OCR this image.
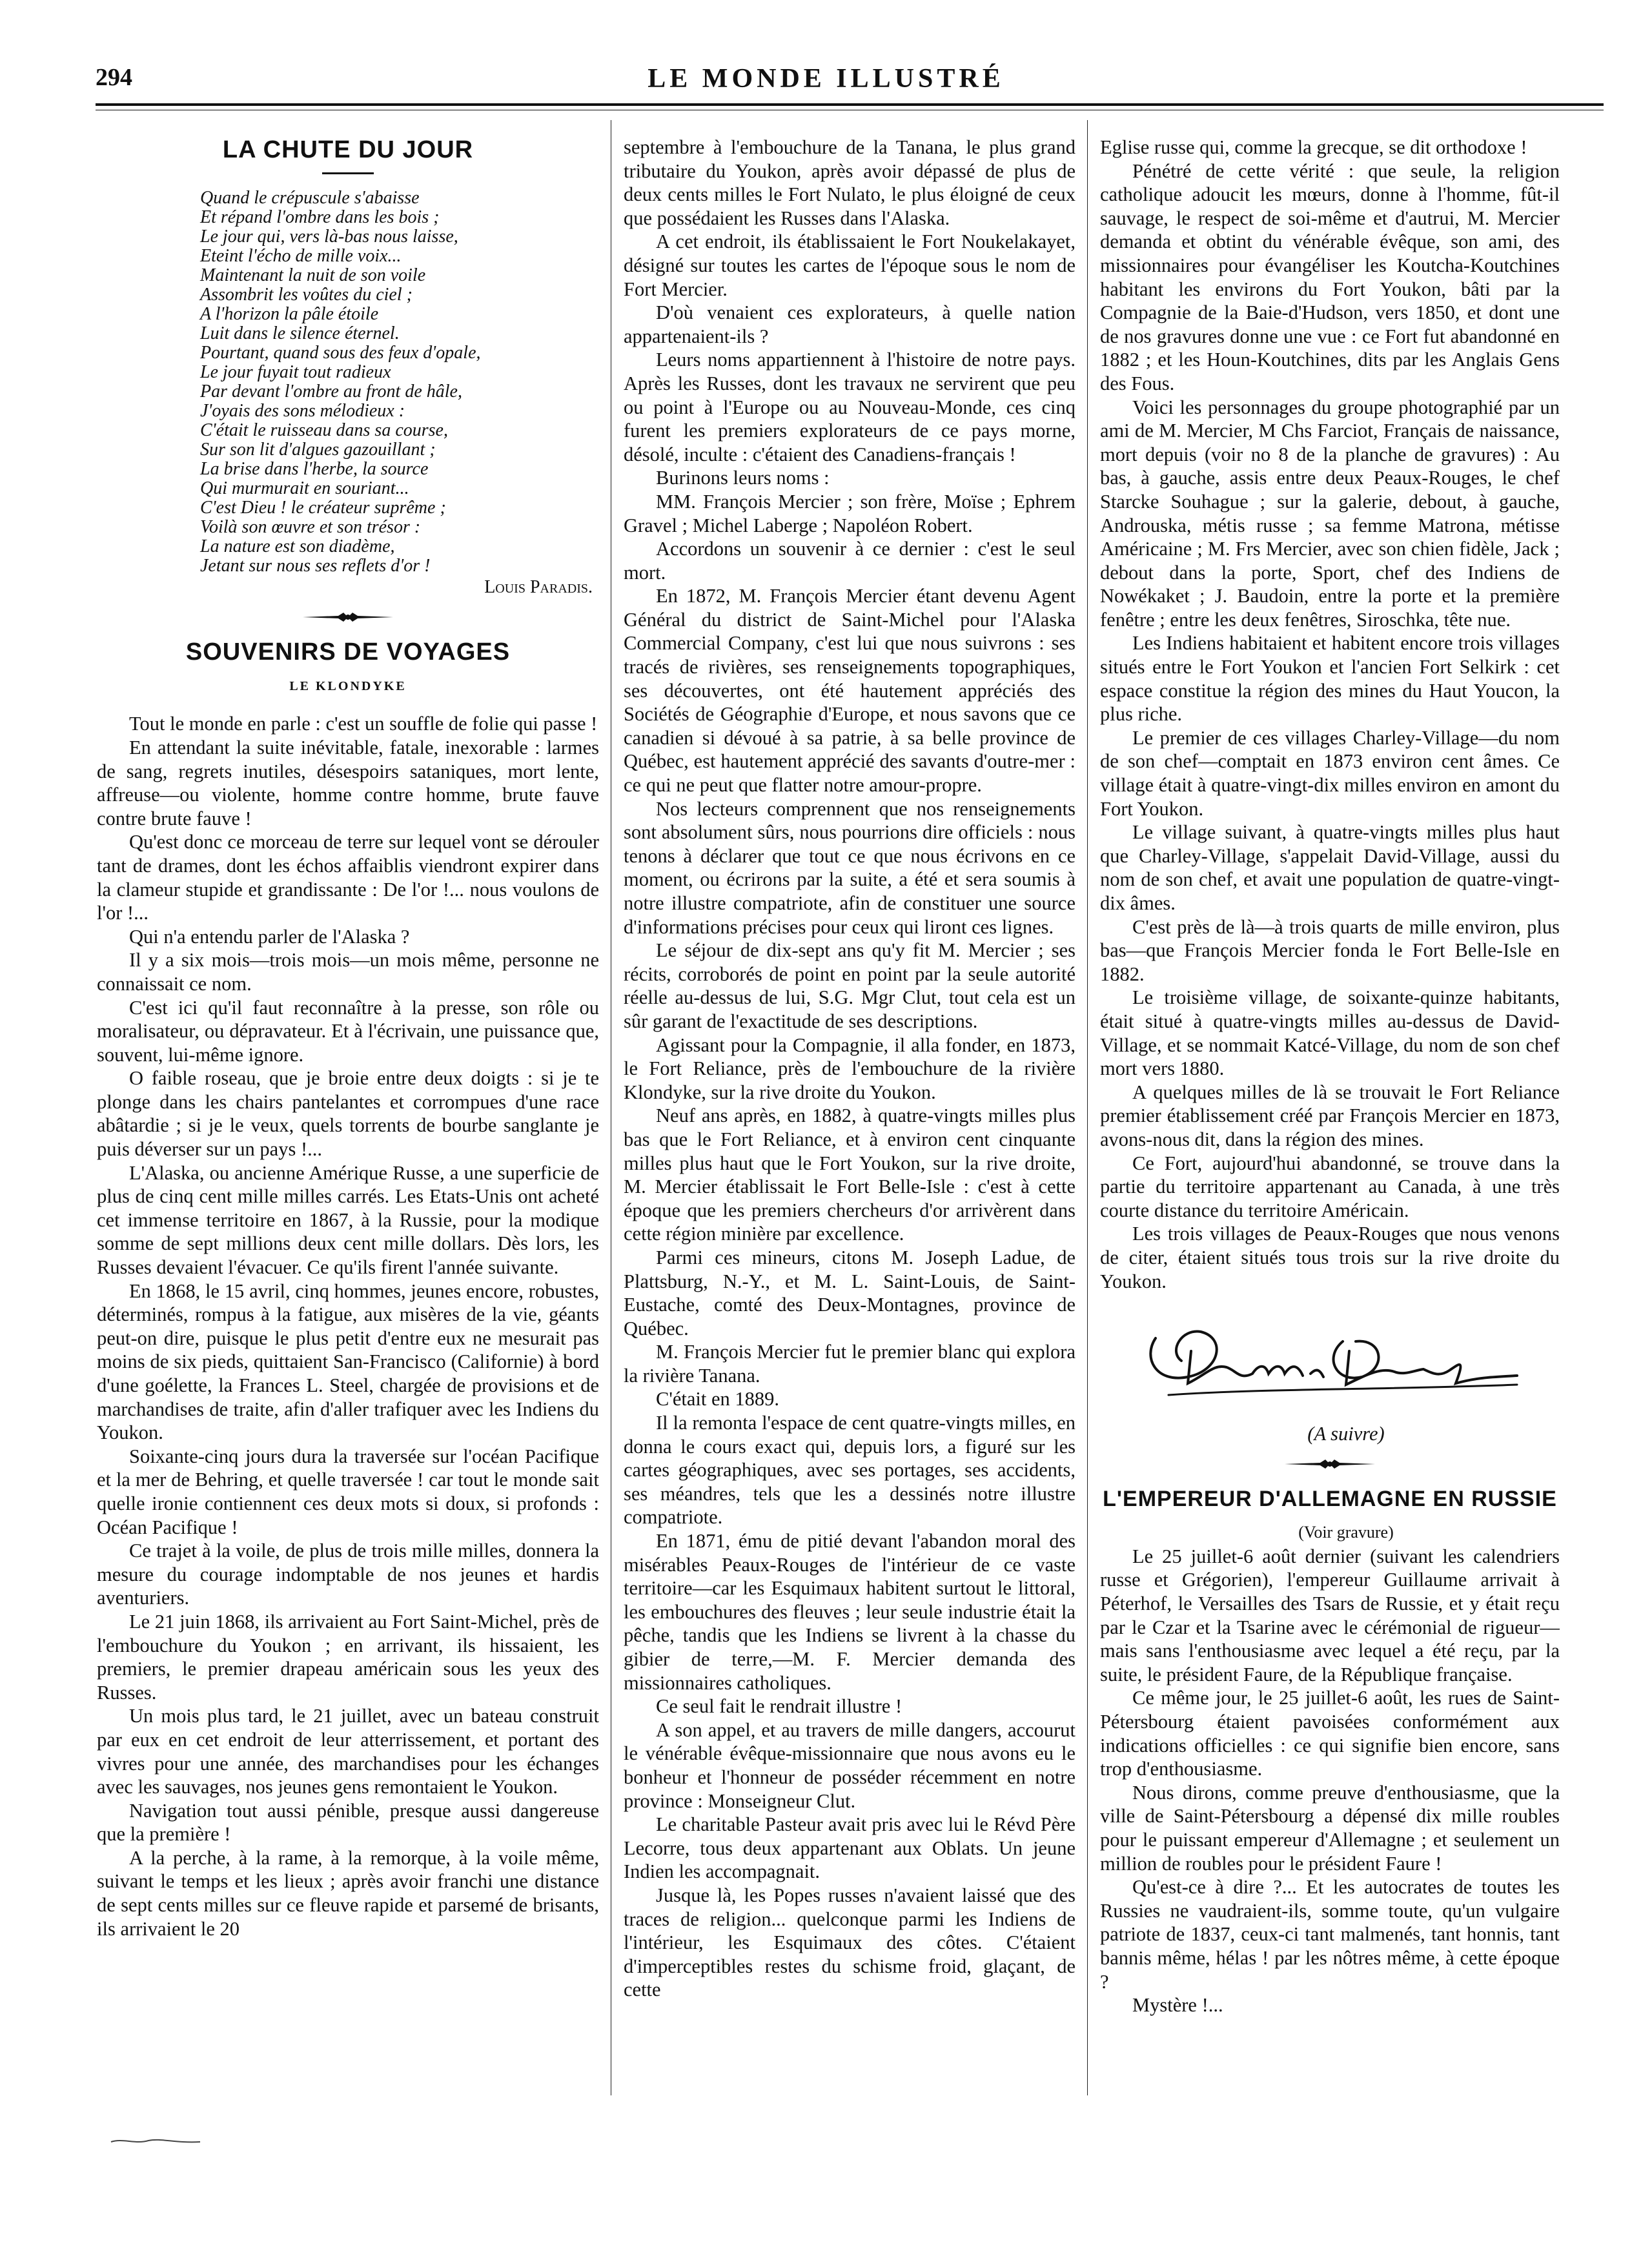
294	LE MONDE ILLUSTRÉ

LA CHUTE DU JOUR
Quand le crépuscule s'abaisse
Et répand l'ombre dans les bois ;
Le jour qui, vers là-bas nous laisse,
Eteint l'écho de mille voix...
Maintenant la nuit de son voile
Assombrit les voûtes du ciel ;
A l'horizon la pâle étoile
Luit dans le silence éternel.
Pourtant, quand sous des feux d'opale,
Le jour fuyait tout radieux
Par devant l'ombre au front de hâle,
J'oyais des sons mélodieux :
C'était le ruisseau dans sa course,
Sur son lit d'algues gazouillant ;
La brise dans l'herbe, la source
Qui murmurait en souriant...
C'est Dieu ! le créateur suprême ;
Voilà son œuvre et son trésor :
La nature est son diadème,
Jetant sur nous ses reflets d'or !

Louis Paradis.

SOUVENIRS DE VOYAGES
LE KLONDYKE

Tout le monde en parle : c'est un souffle de folie qui passe !

En attendant la suite inévitable, fatale, inexorable : larmes de sang, regrets inutiles, désespoirs sataniques, mort lente, affreuse—ou violente, homme contre homme, brute fauve contre brute fauve !

Qu'est donc ce morceau de terre sur lequel vont se dérouler tant de drames, dont les échos affaiblis viendront expirer dans la clameur stupide et grandissante : De l'or !... nous voulons de l'or !...

Qui n'a entendu parler de l'Alaska ?

Il y a six mois—trois mois—un mois même, personne ne connaissait ce nom.

C'est ici qu'il faut reconnaître à la presse, son rôle ou moralisateur, ou dépravateur. Et à l'écrivain, une puissance que, souvent, lui-même ignore.

O faible roseau, que je broie entre deux doigts : si je te plonge dans les chairs pantelantes et corrompues d'une race abâtardie ; si je le veux, quels torrents de bourbe sanglante je puis déverser sur un pays !...

L'Alaska, ou ancienne Amérique Russe, a une superficie de plus de cinq cent mille milles carrés. Les Etats-Unis ont acheté cet immense territoire en 1867, à la Russie, pour la modique somme de sept millions deux cent mille dollars. Dès lors, les Russes devaient l'évacuer. Ce qu'ils firent l'année suivante.

En 1868, le 15 avril, cinq hommes, jeunes encore, robustes, déterminés, rompus à la fatigue, aux misères de la vie, géants peut-on dire, puisque le plus petit d'entre eux ne mesurait pas moins de six pieds, quittaient San-Francisco (Californie) à bord d'une goélette, la Frances L. Steel, chargée de provisions et de marchandises de traite, afin d'aller trafiquer avec les Indiens du Youkon.

Soixante-cinq jours dura la traversée sur l'océan Pacifique et la mer de Behring, et quelle traversée ! car tout le monde sait quelle ironie contiennent ces deux mots si doux, si profonds : Océan Pacifique !

Ce trajet à la voile, de plus de trois mille milles, donnera la mesure du courage indomptable de nos jeunes et hardis aventuriers.

Le 21 juin 1868, ils arrivaient au Fort Saint-Michel, près de l'embouchure du Youkon ; en arrivant, ils hissaient, les premiers, le premier drapeau américain sous les yeux des Russes.

Un mois plus tard, le 21 juillet, avec un bateau construit par eux en cet endroit de leur atterrissement, et portant des vivres pour une année, des marchandises pour les échanges avec les sauvages, nos jeunes gens remontaient le Youkon.

Navigation tout aussi pénible, presque aussi dangereuse que la première !

A la perche, à la rame, à la remorque, à la voile même, suivant le temps et les lieux ; après avoir franchi une distance de sept cents milles sur ce fleuve rapide et parsemé de brisants, ils arrivaient le 20

septembre à l'embouchure de la Tanana, le plus grand tributaire du Youkon, après avoir dépassé de plus de deux cents milles le Fort Nulato, le plus éloigné de ceux que possédaient les Russes dans l'Alaska.

A cet endroit, ils établissaient le Fort Noukelakayet, désigné sur toutes les cartes de l'époque sous le nom de Fort Mercier.

D'où venaient ces explorateurs, à quelle nation appartenaient-ils ?

Leurs noms appartiennent à l'histoire de notre pays. Après les Russes, dont les travaux ne servirent que peu ou point à l'Europe ou au Nouveau-Monde, ces cinq furent les premiers explorateurs de ce pays morne, désolé, inculte : c'étaient des Canadiens-français !

Burinons leurs noms :

MM. François Mercier ; son frère, Moïse ; Ephrem Gravel ; Michel Laberge ; Napoléon Robert.

Accordons un souvenir à ce dernier : c'est le seul mort.

En 1872, M. François Mercier étant devenu Agent Général du district de Saint-Michel pour l'Alaska Commercial Company, c'est lui que nous suivrons : ses tracés de rivières, ses renseignements topographiques, ses découvertes, ont été hautement appréciés des Sociétés de Géographie d'Europe, et nous savons que ce canadien si dévoué à sa patrie, à sa belle province de Québec, est hautement apprécié des savants d'outre-mer : ce qui ne peut que flatter notre amour-propre.

Nos lecteurs comprennent que nos renseignements sont absolument sûrs, nous pourrions dire officiels : nous tenons à déclarer que tout ce que nous écrivons en ce moment, ou écrirons par la suite, a été et sera soumis à notre illustre compatriote, afin de constituer une source d'informations précises pour ceux qui liront ces lignes.

Le séjour de dix-sept ans qu'y fit M. Mercier ; ses récits, corroborés de point en point par la seule autorité réelle au-dessus de lui, S.G. Mgr Clut, tout cela est un sûr garant de l'exactitude de ses descriptions.

Agissant pour la Compagnie, il alla fonder, en 1873, le Fort Reliance, près de l'embouchure de la rivière Klondyke, sur la rive droite du Youkon.

Neuf ans après, en 1882, à quatre-vingts milles plus bas que le Fort Reliance, et à environ cent cinquante milles plus haut que le Fort Youkon, sur la rive droite, M. Mercier établissait le Fort Belle-Isle : c'est à cette époque que les premiers chercheurs d'or arrivèrent dans cette région minière par excellence.

Parmi ces mineurs, citons M. Joseph Ladue, de Plattsburg, N.-Y., et M. L. Saint-Louis, de Saint-Eustache, comté des Deux-Montagnes, province de Québec.

M. François Mercier fut le premier blanc qui explora la rivière Tanana.

C'était en 1889.

Il la remonta l'espace de cent quatre-vingts milles, en donna le cours exact qui, depuis lors, a figuré sur les cartes géographiques, avec ses portages, ses accidents, ses méandres, tels que les a dessinés notre illustre compatriote.

En 1871, ému de pitié devant l'abandon moral des misérables Peaux-Rouges de l'intérieur de ce vaste territoire—car les Esquimaux habitent surtout le littoral, les embouchures des fleuves ; leur seule industrie était la pêche, tandis que les Indiens se livrent à la chasse du gibier de terre,—M. F. Mercier demanda des missionnaires catholiques.

Ce seul fait le rendrait illustre !

A son appel, et au travers de mille dangers, accourut le vénérable évêque-missionnaire que nous avons eu le bonheur et l'honneur de posséder récemment en notre province : Monseigneur Clut.

Le charitable Pasteur avait pris avec lui le Révd Père Lecorre, tous deux appartenant aux Oblats. Un jeune Indien les accompagnait.

Jusque là, les Popes russes n'avaient laissé que des traces de religion... quelconque parmi les Indiens de l'intérieur, les Esquimaux des côtes. C'étaient d'imperceptibles restes du schisme froid, glaçant, de cette

Eglise russe qui, comme la grecque, se dit orthodoxe !

Pénétré de cette vérité : que seule, la religion catholique adoucit les mœurs, donne à l'homme, fût-il sauvage, le respect de soi-même et d'autrui, M. Mercier demanda et obtint du vénérable évêque, son ami, des missionnaires pour évangéliser les Koutcha-Koutchines habitant les environs du Fort Youkon, bâti par la Compagnie de la Baie-d'Hudson, vers 1850, et dont une de nos gravures donne une vue : ce Fort fut abandonné en 1882 ; et les Houn-Koutchines, dits par les Anglais Gens des Fous.

Voici les personnages du groupe photographié par un ami de M. Mercier, M Chs Farciot, Français de naissance, mort depuis (voir no 8 de la planche de gravures) : Au bas, à gauche, assis entre deux Peaux-Rouges, le chef Starcke Souhague ; sur la galerie, debout, à gauche, Androuska, métis russe ; sa femme Matrona, métisse Américaine ; M. Frs Mercier, avec son chien fidèle, Jack ; debout dans la porte, Sport, chef des Indiens de Nowékaket ; J. Baudoin, entre la porte et la première fenêtre ; entre les deux fenêtres, Siroschka, tête nue.

Les Indiens habitaient et habitent encore trois villages situés entre le Fort Youkon et l'ancien Fort Selkirk : cet espace constitue la région des mines du Haut Youcon, la plus riche.

Le premier de ces villages Charley-Village—du nom de son chef—comptait en 1873 environ cent âmes. Ce village était à quatre-vingt-dix milles environ en amont du Fort Youkon.

Le village suivant, à quatre-vingts milles plus haut que Charley-Village, s'appelait David-Village, aussi du nom de son chef, et avait une population de quatre-vingt-dix âmes.

C'est près de là—à trois quarts de mille environ, plus bas—que François Mercier fonda le Fort Belle-Isle en 1882.

Le troisième village, de soixante-quinze habitants, était situé à quatre-vingts milles au-dessus de David-Village, et se nommait Katcé-Village, du nom de son chef mort vers 1880.

A quelques milles de là se trouvait le Fort Reliance premier établissement créé par François Mercier en 1873, avons-nous dit, dans la région des mines.

Ce Fort, aujourd'hui abandonné, se trouve dans la partie du territoire appartenant au Canada, à une très courte distance du territoire Américain.

Les trois villages de Peaux-Rouges que nous venons de citer, étaient situés tous trois sur la rive droite du Youkon.

(A suivre)

L'EMPEREUR D'ALLEMAGNE EN RUSSIE

(Voir gravure)

Le 25 juillet-6 août dernier (suivant les calendriers russe et Grégorien), l'empereur Guillaume arrivait à Péterhof, le Versailles des Tsars de Russie, et y était reçu par le Czar et la Tsarine avec le cérémonial de rigueur—mais sans l'enthousiasme avec lequel a été reçu, par la suite, le président Faure, de la République française.

Ce même jour, le 25 juillet-6 août, les rues de Saint-Pétersbourg étaient pavoisées conformément aux indications officielles : ce qui signifie bien encore, sans trop d'enthousiasme.

Nous dirons, comme preuve d'enthousiasme, que la ville de Saint-Pétersbourg a dépensé dix mille roubles pour le puissant empereur d'Allemagne ; et seulement un million de roubles pour le président Faure !

Qu'est-ce à dire ?... Et les autocrates de toutes les Russies ne vaudraient-ils, somme toute, qu'un vulgaire patriote de 1837, ceux-ci tant malmenés, tant honnis, tant bannis même, hélas ! par les nôtres même, à cette époque ?

Mystère !...
